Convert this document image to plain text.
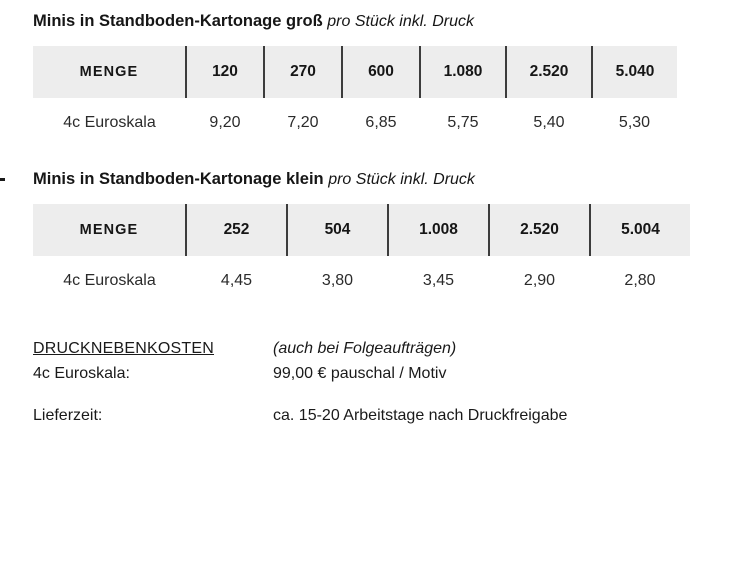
Minis in Standboden-Kartonage groß pro Stück inkl. Druck
MENGE	120	270	600	1.080	2.520	5.040
4c Euroskala	9,20	7,20	6,85	5,75	5,40	5,30
Minis in Standboden-Kartonage klein pro Stück inkl. Druck
MENGE	252	504	1.008	2.520	5.004
4c Euroskala	4,45	3,80	3,45	2,90	2,80
DRUCKNEBENKOSTEN	(auch bei Folgeaufträgen)
4c Euroskala:	99,00 € pauschal / Motiv
Lieferzeit:	ca. 15-20 Arbeitstage nach Druckfreigabe
